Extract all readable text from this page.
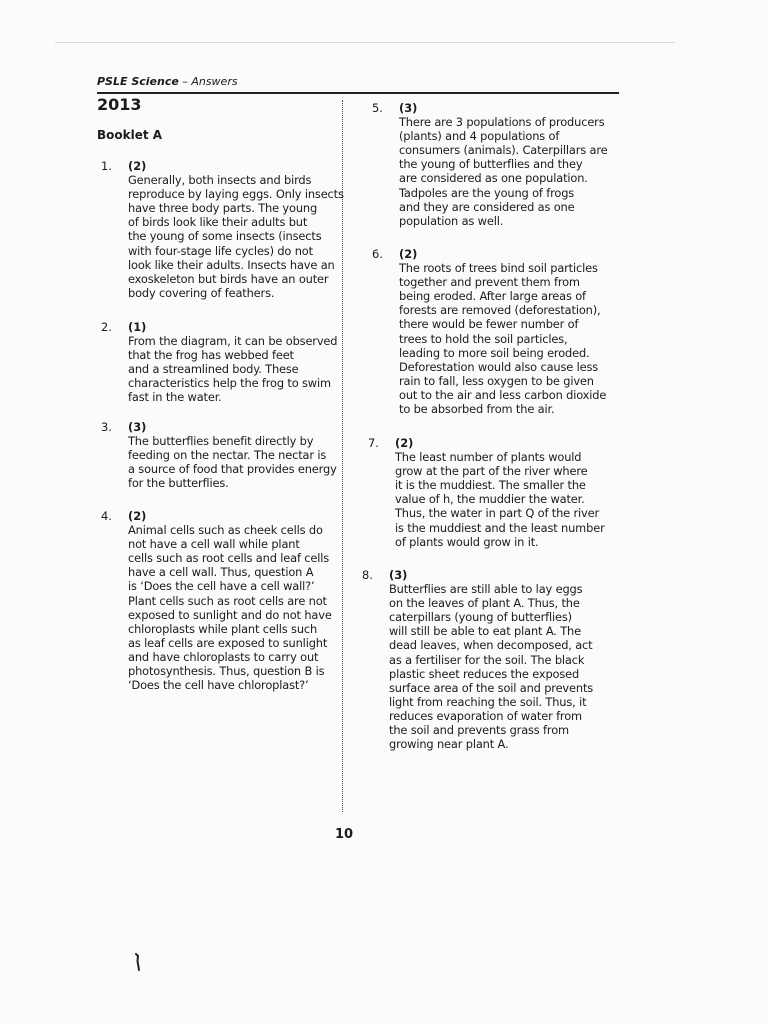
PSLE Science – Answers
2013
Booklet A
1.	(2)
Generally, both insects and birds
reproduce by laying eggs. Only insects
have three body parts. The young
of birds look like their adults but
the young of some insects (insects
with four-stage life cycles) do not
look like their adults. Insects have an
exoskeleton but birds have an outer
body covering of feathers.
2.	(1)
From the diagram, it can be observed
that the frog has webbed feet
and a streamlined body. These
characteristics help the frog to swim
fast in the water.
3.	(3)
The butterflies benefit directly by
feeding on the nectar. The nectar is
a source of food that provides energy
for the butterflies.
4.	(2)
Animal cells such as cheek cells do
not have a cell wall while plant
cells such as root cells and leaf cells
have a cell wall. Thus, question A
is ‘Does the cell have a cell wall?’
Plant cells such as root cells are not
exposed to sunlight and do not have
chloroplasts while plant cells such
as leaf cells are exposed to sunlight
and have chloroplasts to carry out
photosynthesis. Thus, question B is
‘Does the cell have chloroplast?’
5.	(3)
There are 3 populations of producers
(plants) and 4 populations of
consumers (animals). Caterpillars are
the young of butterflies and they
are considered as one population.
Tadpoles are the young of frogs
and they are considered as one
population as well.
6.	(2)
The roots of trees bind soil particles
together and prevent them from
being eroded. After large areas of
forests are removed (deforestation),
there would be fewer number of
trees to hold the soil particles,
leading to more soil being eroded.
Deforestation would also cause less
rain to fall, less oxygen to be given
out to the air and less carbon dioxide
to be absorbed from the air.
7.	(2)
The least number of plants would
grow at the part of the river where
it is the muddiest. The smaller the
value of h, the muddier the water.
Thus, the water in part Q of the river
is the muddiest and the least number
of plants would grow in it.
8.	(3)
Butterflies are still able to lay eggs
on the leaves of plant A. Thus, the
caterpillars (young of butterflies)
will still be able to eat plant A. The
dead leaves, when decomposed, act
as a fertiliser for the soil. The black
plastic sheet reduces the exposed
surface area of the soil and prevents
light from reaching the soil. Thus, it
reduces evaporation of water from
the soil and prevents grass from
growing near plant A.
10
